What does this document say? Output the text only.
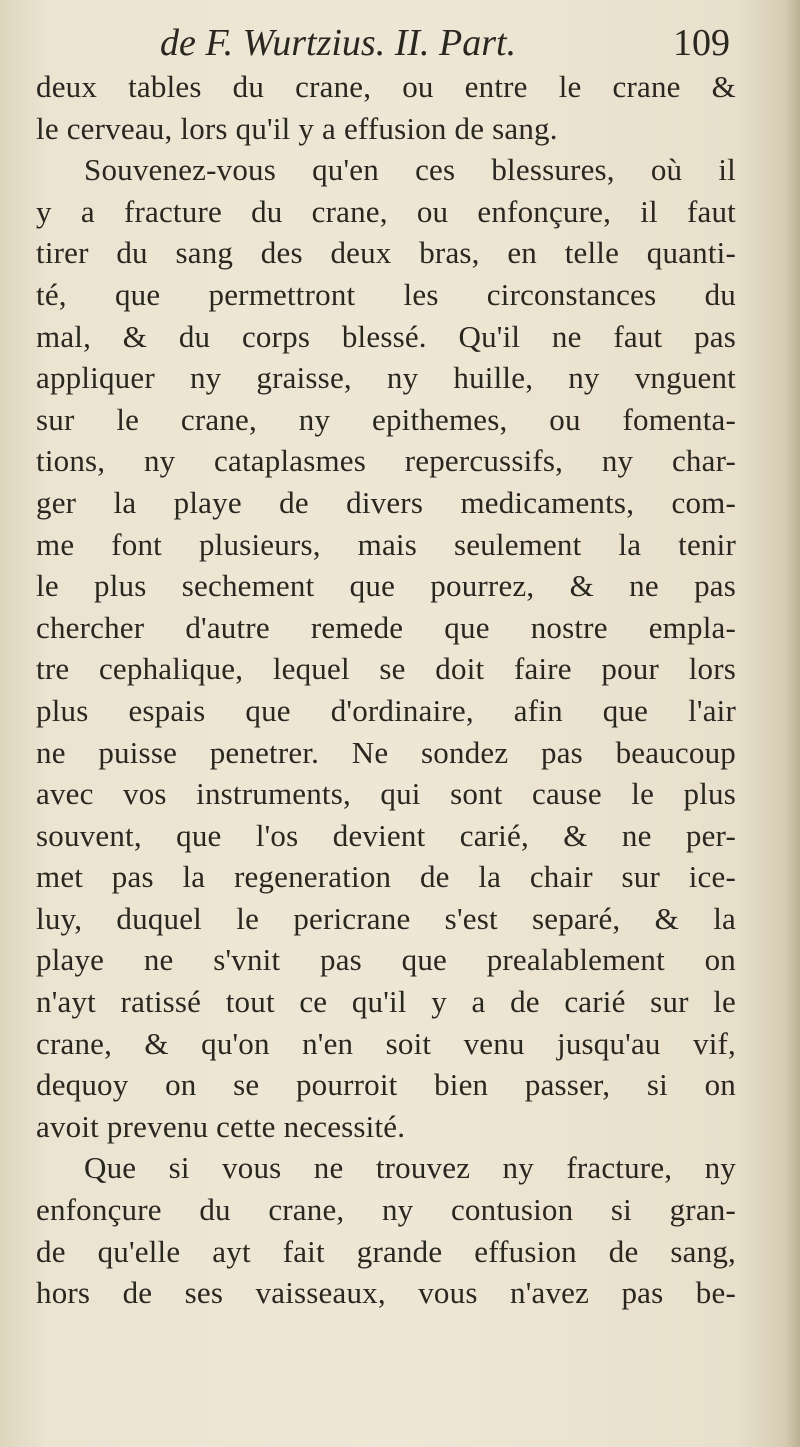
de F. Wurtzius. II. Part.	109
deux tables du crane, ou entre le crane &
le cerveau, lors qu'il y a effusion de sang.
Souvenez-vous qu'en ces blessures, où il
y a fracture du crane, ou enfonçure, il faut
tirer du sang des deux bras, en telle quanti-
té, que permettront les circonstances du
mal, & du corps blessé. Qu'il ne faut pas
appliquer ny graisse, ny huille, ny vnguent
sur le crane, ny epithemes, ou fomenta-
tions, ny cataplasmes repercussifs, ny char-
ger la playe de divers medicaments, com-
me font plusieurs, mais seulement la tenir
le plus sechement que pourrez, & ne pas
chercher d'autre remede que nostre empla-
tre cephalique, lequel se doit faire pour lors
plus espais que d'ordinaire, afin que l'air
ne puisse penetrer. Ne sondez pas beaucoup
avec vos instruments, qui sont cause le plus
souvent, que l'os devient carié, & ne per-
met pas la regeneration de la chair sur ice-
luy, duquel le pericrane s'est separé, & la
playe ne s'vnit pas que prealablement on
n'ayt ratissé tout ce qu'il y a de carié sur le
crane, & qu'on n'en soit venu jusqu'au vif,
dequoy on se pourroit bien passer, si on
avoit prevenu cette necessité.
Que si vous ne trouvez ny fracture, ny
enfonçure du crane, ny contusion si gran-
de qu'elle ayt fait grande effusion de sang,
hors de ses vaisseaux, vous n'avez pas be-
